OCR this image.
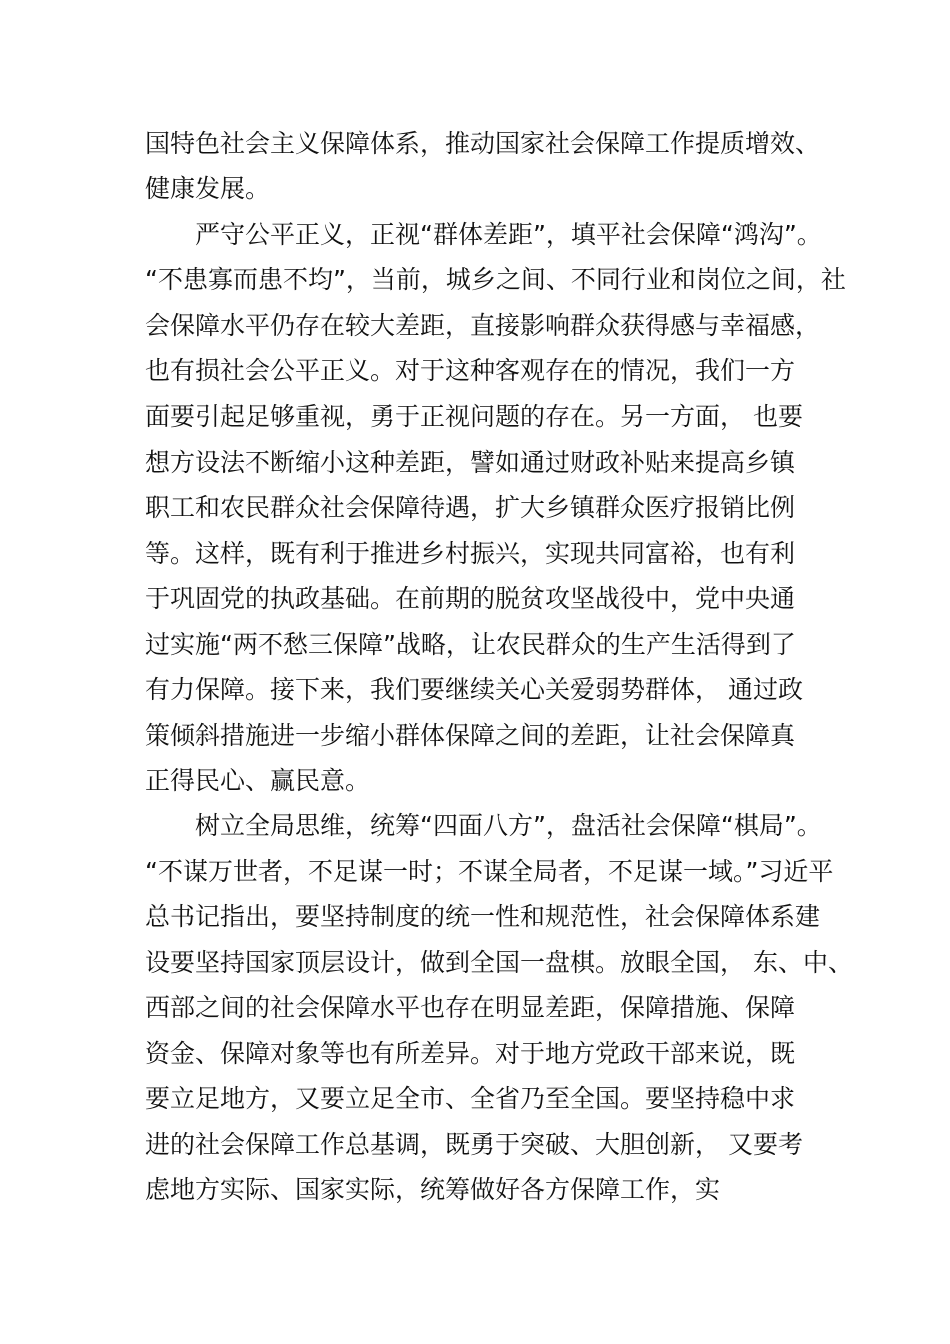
国特色社会主义保障体系，推动国家社会保障工作提质增效、
健康发展。
严守公平正义，正视“群体差距”，填平社会保障“鸿沟”。
“不患寡而患不均”，当前，城乡之间、不同行业和岗位之间，社
会保障水平仍存在较大差距，直接影响群众获得感与幸福感，
也有损社会公平正义。对于这种客观存在的情况，我们一方
面要引起足够重视，勇于正视问题的存在。另一方面， 也要
想方设法不断缩小这种差距，譬如通过财政补贴来提高乡镇
职工和农民群众社会保障待遇，扩大乡镇群众医疗报销比例
等。这样，既有利于推进乡村振兴，实现共同富裕，也有利
于巩固党的执政基础。在前期的脱贫攻坚战役中，党中央通
过实施“两不愁三保障”战略，让农民群众的生产生活得到了
有力保障。接下来，我们要继续关心关爱弱势群体， 通过政
策倾斜措施进一步缩小群体保障之间的差距，让社会保障真
正得民心、赢民意。
树立全局思维，统筹“四面八方”，盘活社会保障“棋局”。
“不谋万世者，不足谋一时；不谋全局者，不足谋一域。”习近平
总书记指出，要坚持制度的统一性和规范性，社会保障体系建
设要坚持国家顶层设计，做到全国一盘棋。放眼全国， 东、中、
西部之间的社会保障水平也存在明显差距，保障措施、保障
资金、保障对象等也有所差异。对于地方党政干部来说，既
要立足地方，又要立足全市、全省乃至全国。要坚持稳中求
进的社会保障工作总基调，既勇于突破、大胆创新， 又要考
虑地方实际、国家实际，统筹做好各方保障工作，实
